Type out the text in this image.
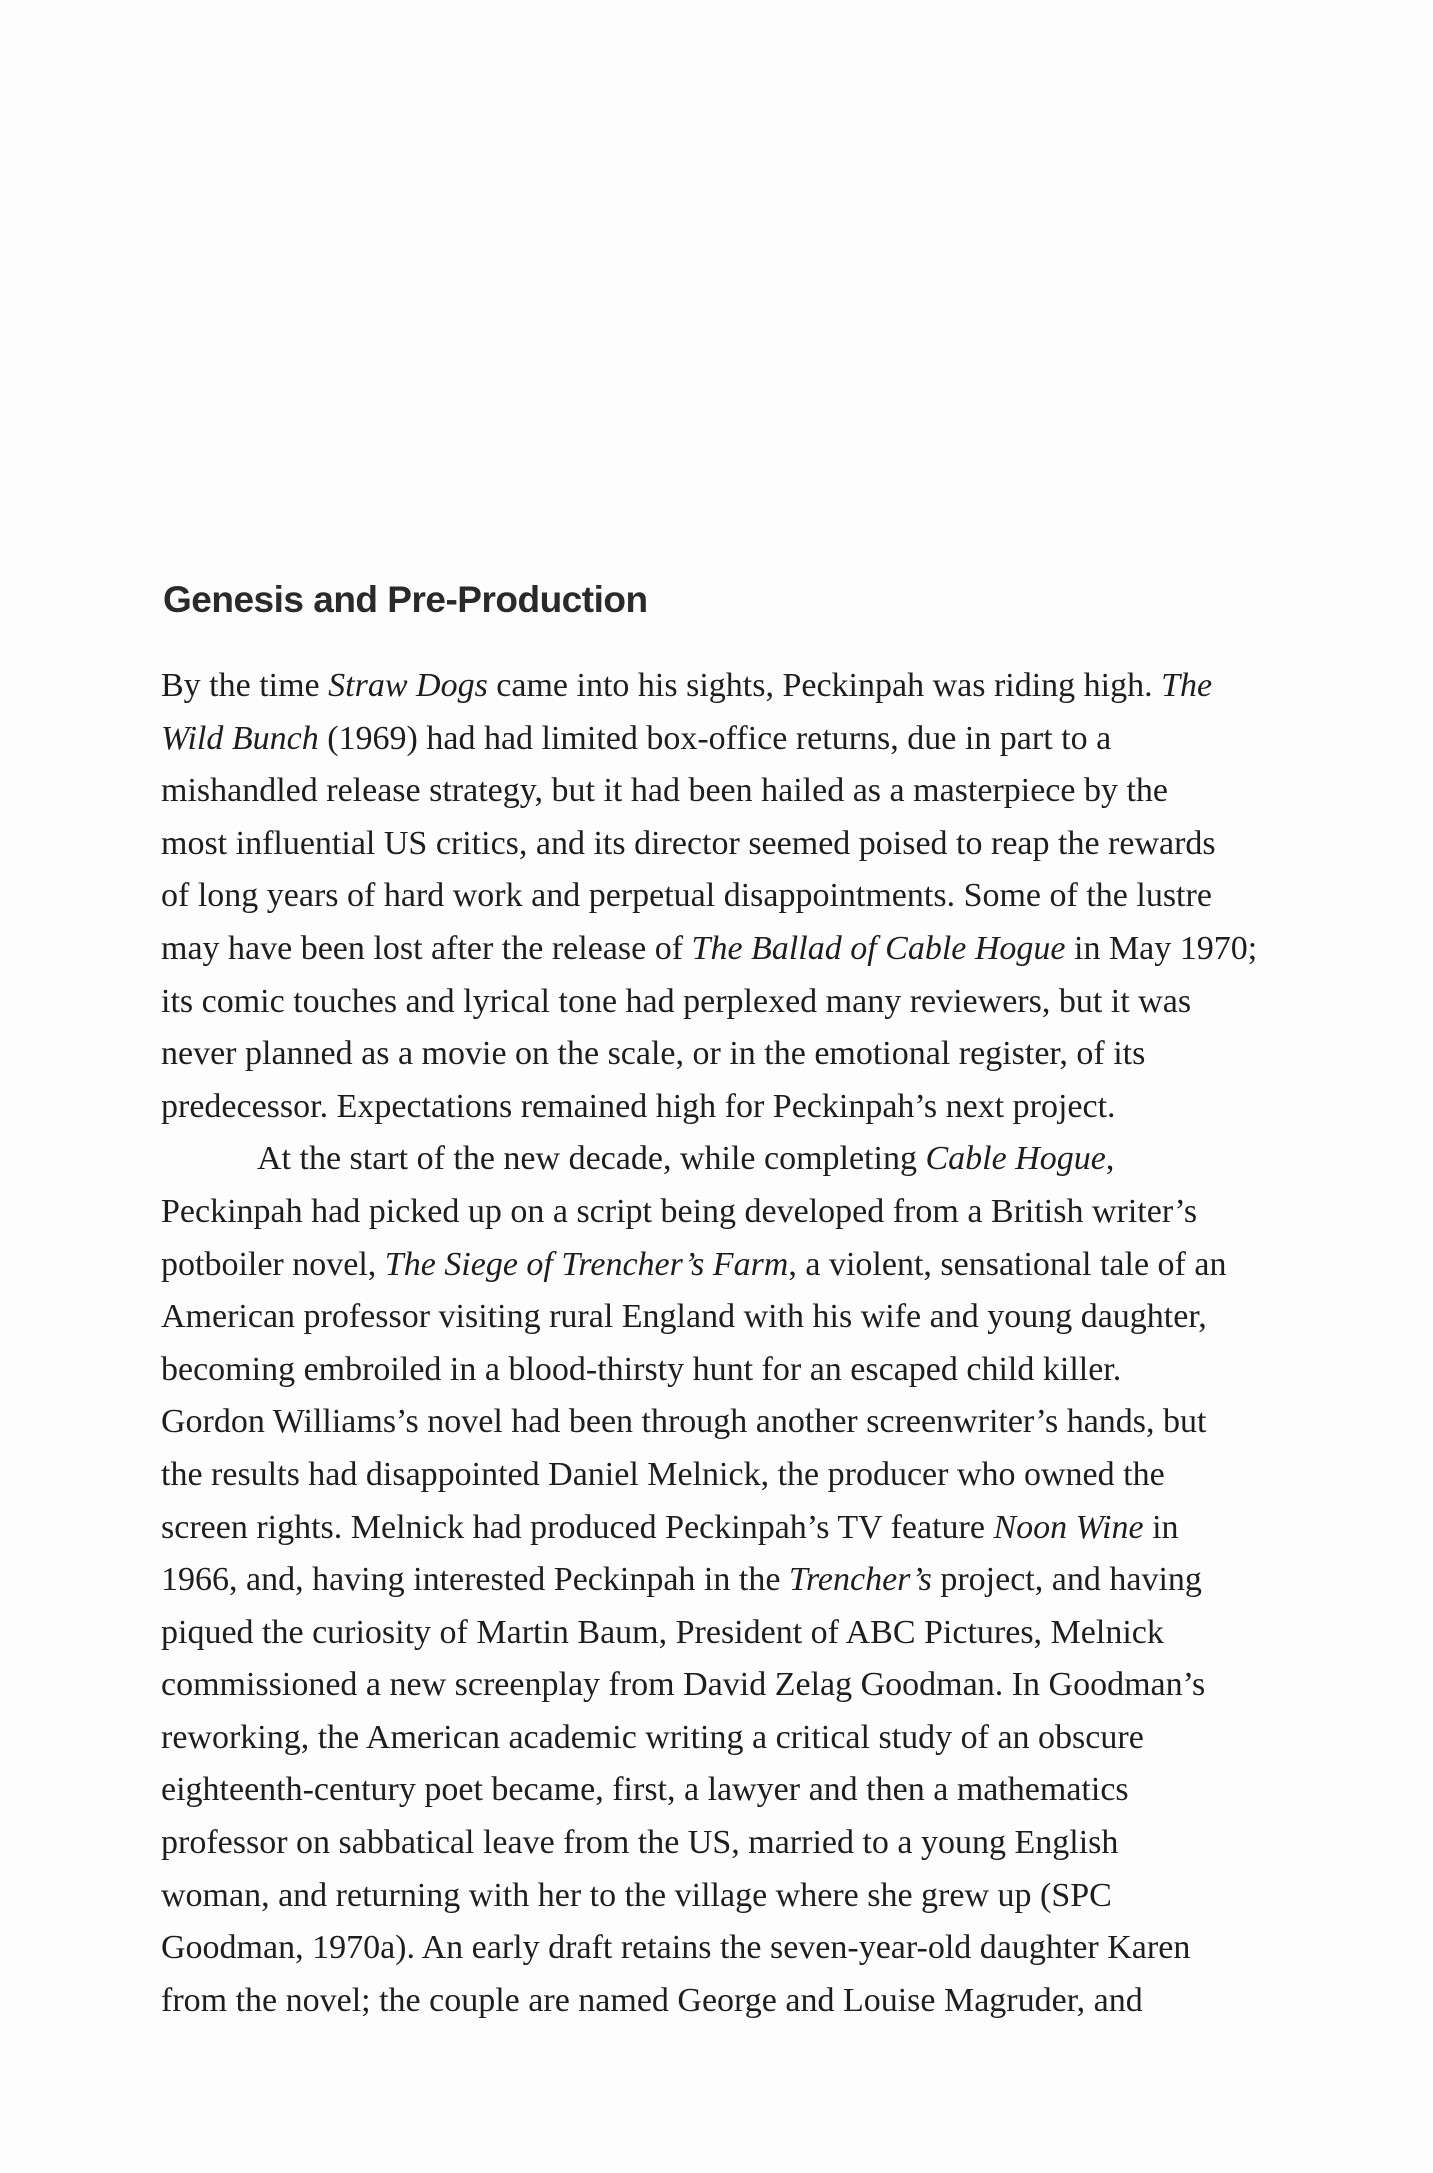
Genesis and Pre-Production
By the time Straw Dogs came into his sights, Peckinpah was riding high. The
Wild Bunch (1969) had had limited box-office returns, due in part to a
mishandled release strategy, but it had been hailed as a masterpiece by the
most influential US critics, and its director seemed poised to reap the rewards
of long years of hard work and perpetual disappointments. Some of the lustre
may have been lost after the release of The Ballad of Cable Hogue in May 1970;
its comic touches and lyrical tone had perplexed many reviewers, but it was
never planned as a movie on the scale, or in the emotional register, of its
predecessor. Expectations remained high for Peckinpah’s next project.
At the start of the new decade, while completing Cable Hogue,
Peckinpah had picked up on a script being developed from a British writer’s
potboiler novel, The Siege of Trencher’s Farm, a violent, sensational tale of an
American professor visiting rural England with his wife and young daughter,
becoming embroiled in a blood-thirsty hunt for an escaped child killer.
Gordon Williams’s novel had been through another screenwriter’s hands, but
the results had disappointed Daniel Melnick, the producer who owned the
screen rights. Melnick had produced Peckinpah’s TV feature Noon Wine in
1966, and, having interested Peckinpah in the Trencher’s project, and having
piqued the curiosity of Martin Baum, President of ABC Pictures, Melnick
commissioned a new screenplay from David Zelag Goodman. In Goodman’s
reworking, the American academic writing a critical study of an obscure
eighteenth-century poet became, first, a lawyer and then a mathematics
professor on sabbatical leave from the US, married to a young English
woman, and returning with her to the village where she grew up (SPC
Goodman, 1970a). An early draft retains the seven-year-old daughter Karen
from the novel; the couple are named George and Louise Magruder, and
